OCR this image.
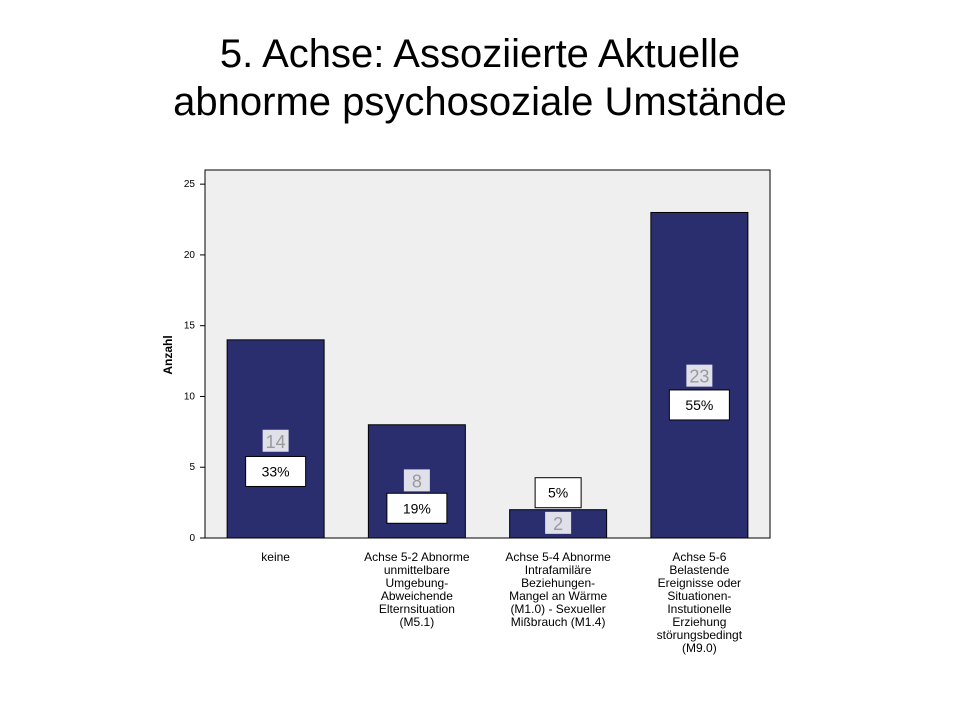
5. Achse: Assoziierte Aktuelle
abnorme psychosoziale Umstände
0
5
10
15
20
25
14
33%	8
19%
2
5%
23
55%
keine	Achse 5-2 Abnorme unmittelbare Umgebung-Abweichende Elternsituation (M5.1)
Achse 5-4 Abnorme Intrafamiläre Beziehungen-Mangel an Wärme (M1.0) - Sexueller Mißbrauch (M1.4)
Achse 5-6 Belastende Ereignisse oder Situationen-Instutionelle Erziehung störungsbedingt (M9.0)
Anzahl
